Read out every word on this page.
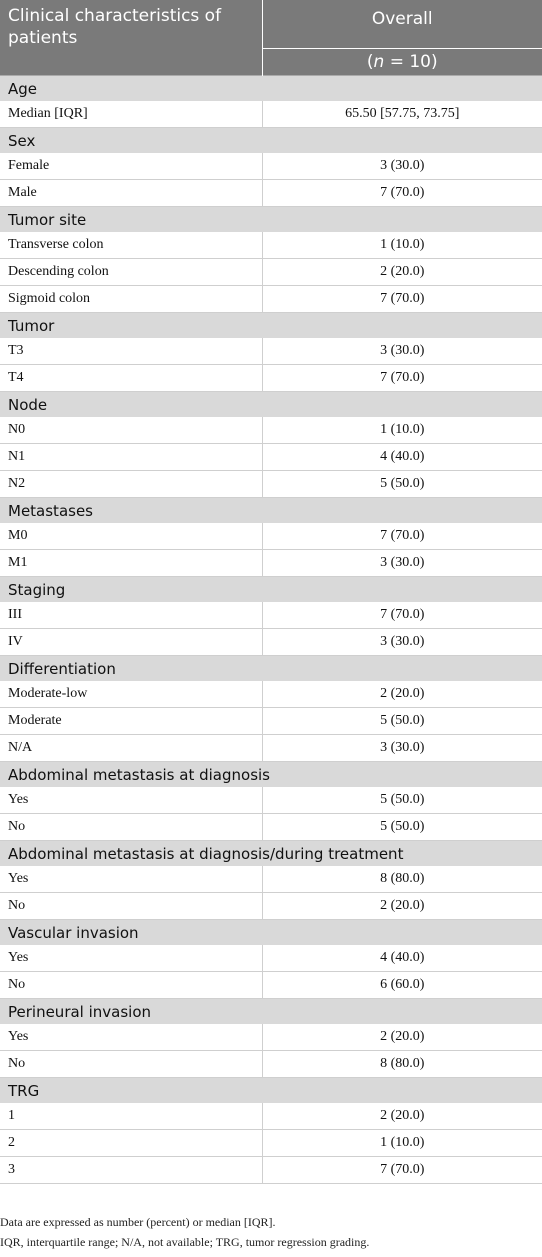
Clinical characteristics of patients	Overall
	(n = 10)
Age	
Median [IQR]	65.50 [57.75, 73.75]
Sex	
Female	3 (30.0)
Male	7 (70.0)
Tumor site	
Transverse colon	1 (10.0)
Descending colon	2 (20.0)
Sigmoid colon	7 (70.0)
Tumor	
T3	3 (30.0)
T4	7 (70.0)
Node	
N0	1 (10.0)
N1	4 (40.0)
N2	5 (50.0)
Metastases	
M0	7 (70.0)
M1	3 (30.0)
Staging	
III	7 (70.0)
IV	3 (30.0)
Differentiation	
Moderate-low	2 (20.0)
Moderate	5 (50.0)
N/A	3 (30.0)
Abdominal metastasis at diagnosis	
Yes	5 (50.0)
No	5 (50.0)
Abdominal metastasis at diagnosis/during treatment	
Yes	8 (80.0)
No	2 (20.0)
Vascular invasion	
Yes	4 (40.0)
No	6 (60.0)
Perineural invasion	
Yes	2 (20.0)
No	8 (80.0)
TRG	
1	2 (20.0)
2	1 (10.0)
3	7 (70.0)
Data are expressed as number (percent) or median [IQR].
IQR, interquartile range; N/A, not available; TRG, tumor regression grading.
